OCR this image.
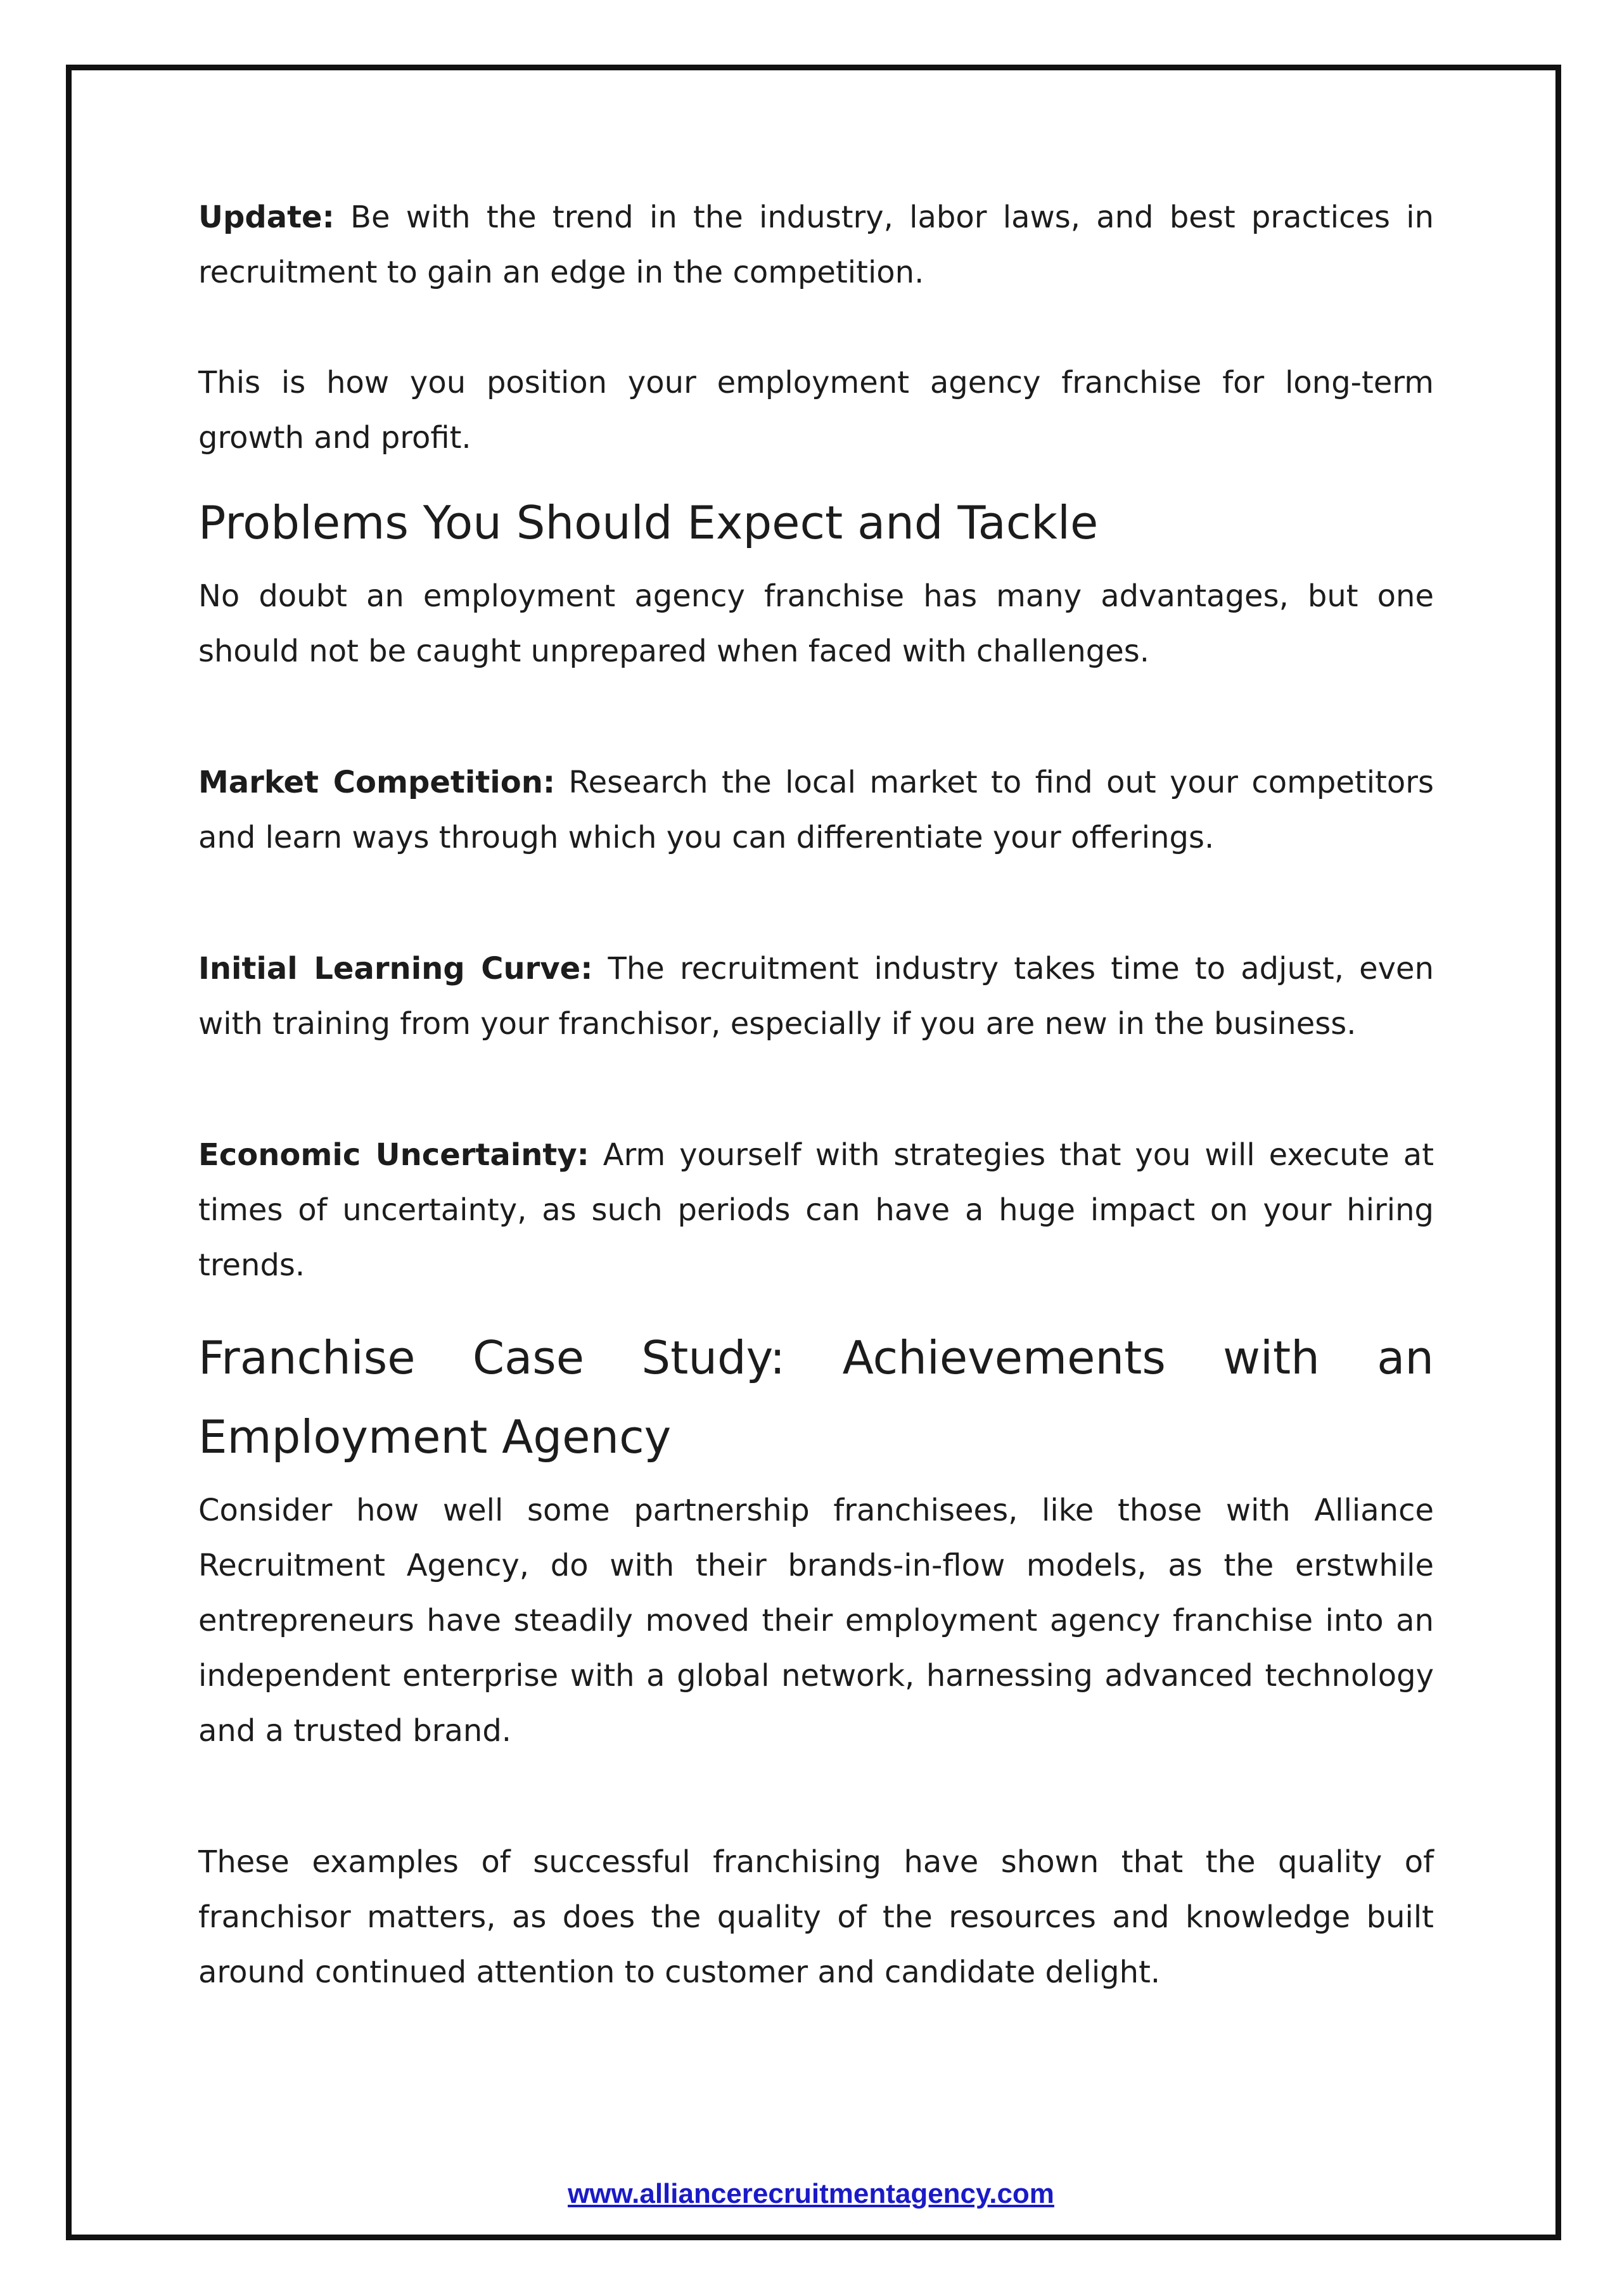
Update: Be with the trend in the industry, labor laws, and best practices in recruitment to gain an edge in the competition.

This is how you position your employment agency franchise for long-term growth and profit.

Problems You Should Expect and Tackle

No doubt an employment agency franchise has many advantages, but one should not be caught unprepared when faced with challenges.

Market Competition: Research the local market to find out your competitors and learn ways through which you can differentiate your offerings.

Initial Learning Curve: The recruitment industry takes time to adjust, even with training from your franchisor, especially if you are new in the business.

Economic Uncertainty: Arm yourself with strategies that you will execute at times of uncertainty, as such periods can have a huge impact on your hiring trends.

Franchise Case Study: Achievements with an Employment Agency

Consider how well some partnership franchisees, like those with Alliance Recruitment Agency, do with their brands-in-flow models, as the erstwhile entrepreneurs have steadily moved their employment agency franchise into an independent enterprise with a global network, harnessing advanced technology and a trusted brand.

These examples of successful franchising have shown that the quality of franchisor matters, as does the quality of the resources and knowledge built around continued attention to customer and candidate delight.

www.alliancerecruitmentagency.com
